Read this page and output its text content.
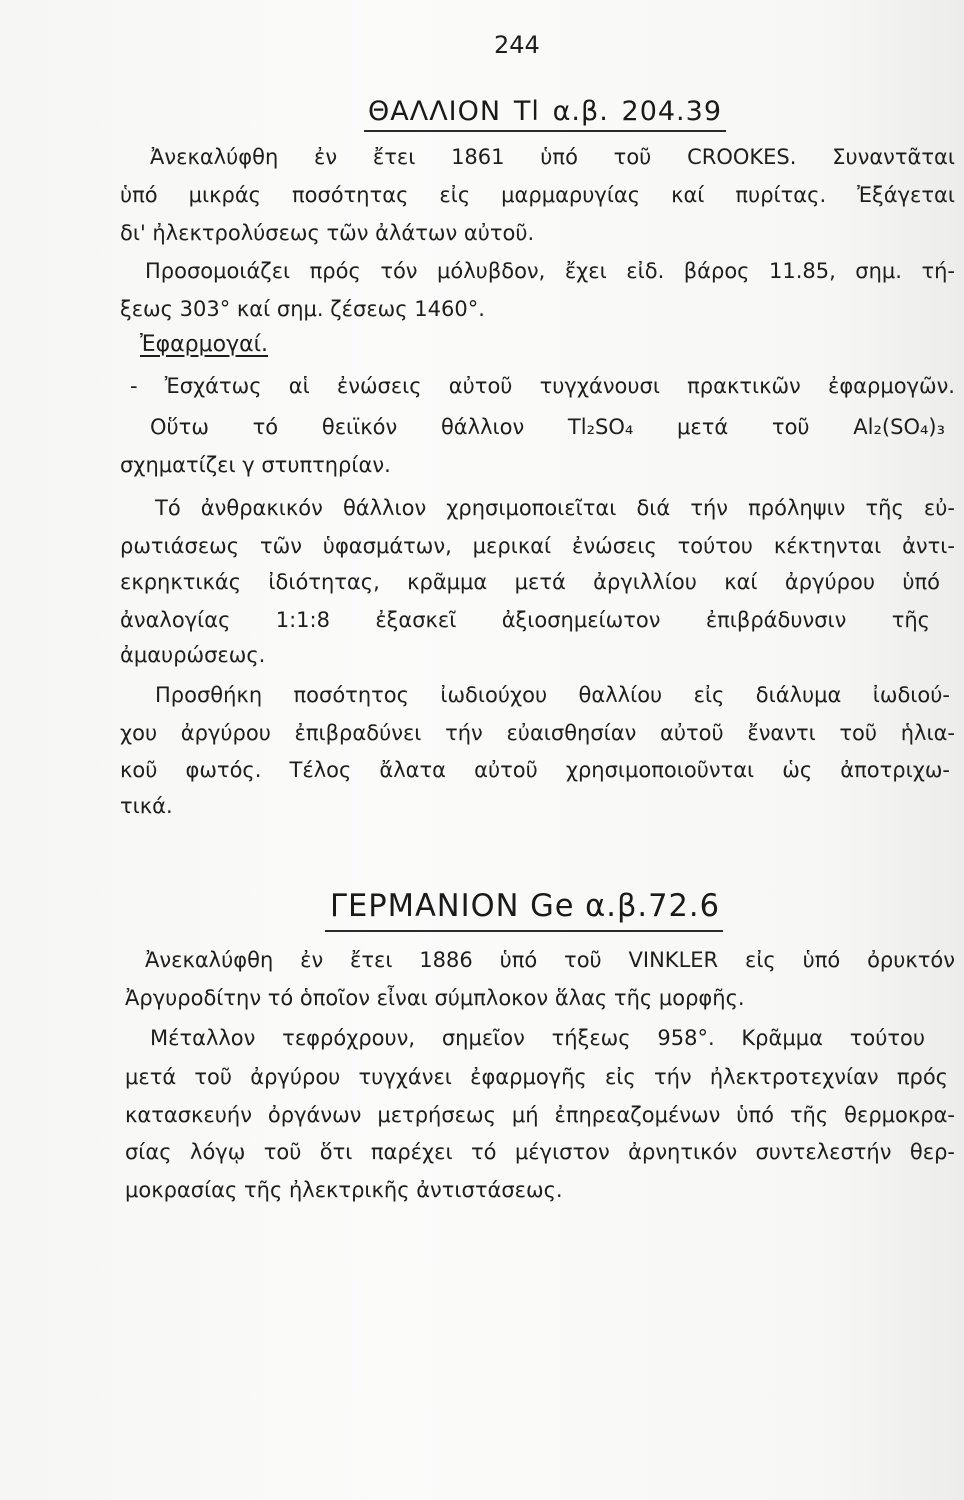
244
ΘΑΛΛΙΟΝ Tl α.β. 204.39
Ἀνεκαλύφθη ἐν ἔτει 1861 ὑπό τοῦ CROOKES. Συναντᾶται
ὑπό μικράς ποσότητας εἰς μαρμαρυγίας καί πυρίτας. Ἐξάγεται
δι' ἠλεκτρολύσεως τῶν ἀλάτων αὐτοῦ.
Προσομοιάζει πρός τόν μόλυβδον, ἔχει εἰδ. βάρος 11.85, σημ. τή-
ξεως 303° καί σημ. ζέσεως 1460°.
Ἐφαρμογαί.
- Ἐσχάτως αἱ ἐνώσεις αὐτοῦ τυγχάνουσι πρακτικῶν ἐφαρμογῶν.
Οὕτω τό θειϊκόν θάλλιον Tl₂SO₄ μετά τοῦ Al₂(SO₄)₃
σχηματίζει γ στυπτηρίαν.
Τό ἀνθρακικόν θάλλιον χρησιμοποιεῖται διά τήν πρόληψιν τῆς εὐ-
ρωτιάσεως τῶν ὑφασμάτων, μερικαί ἐνώσεις τούτου κέκτηνται ἀντι-
εκρηκτικάς ἰδιότητας, κρᾶμμα μετά ἀργιλλίου καί ἀργύρου ὑπό
ἀναλογίας 1:1:8 ἐξασκεῖ ἀξιοσημείωτον ἐπιβράδυνσιν τῆς
ἀμαυρώσεως.
Προσθήκη ποσότητος ἰωδιούχου θαλλίου εἰς διάλυμα ἰωδιού-
χου ἀργύρου ἐπιβραδύνει τήν εὐαισθησίαν αὐτοῦ ἔναντι τοῦ ἡλια-
κοῦ φωτός. Τέλος ἄλατα αὐτοῦ χρησιμοποιοῦνται ὡς ἀποτριχω-
τικά.
ΓΕΡΜΑΝΙΟΝ Ge α.β.72.6
Ἀνεκαλύφθη ἐν ἔτει 1886 ὑπό τοῦ VINKLER εἰς ὑπό ὀρυκτόν
Ἀργυροδίτην τό ὁποῖον εἶναι σύμπλοκον ἅλας τῆς μορφῆς.
Μέταλλον τεφρόχρουν, σημεῖον τήξεως 958°. Κρᾶμμα τούτου
μετά τοῦ ἀργύρου τυγχάνει ἐφαρμογῆς εἰς τήν ἠλεκτροτεχνίαν πρός
κατασκευήν ὀργάνων μετρήσεως μή ἐπηρεαζομένων ὑπό τῆς θερμοκρα-
σίας λόγῳ τοῦ ὅτι παρέχει τό μέγιστον ἀρνητικόν συντελεστήν θερ-
μοκρασίας τῆς ἠλεκτρικῆς ἀντιστάσεως.
